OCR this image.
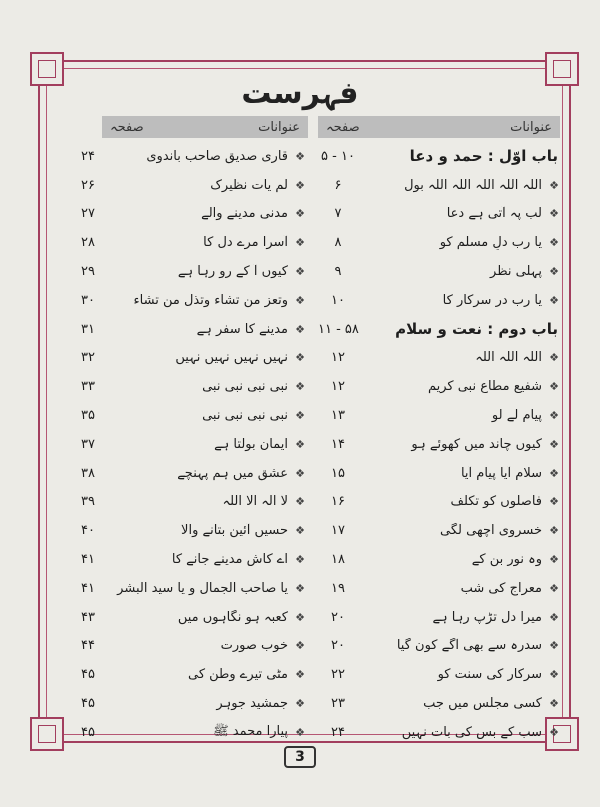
فہرست
عنوانات
صفحہ
عنوانات
صفحہ
باب اوّل : حمد و دعا
۵ - ۱۰
❖
اللہ اللہ اللہ اللہ اللہ بول
۶
❖
لب پہ آتی ہے دعا
۷
❖
یا رب دلِ مسلم کو
۸
❖
پہلی نظر
۹
❖
یا رب در سرکار کا
۱۰
باب دوم : نعت و سلام
۱۱ - ۵۸
❖
اللہ اللہ اللہ
۱۲
❖
شفیع مطاع نبی کریم
۱۲
❖
پیام لے لو
۱۳
❖
کیوں چاند میں کھوئے ہو
۱۴
❖
سلام آیا پیام آیا
۱۵
❖
فاصلوں کو تکلف
۱۶
❖
خسروی اچھی لگی
۱۷
❖
وہ نور بن کے
۱۸
❖
معراج کی شب
۱۹
❖
میرا دل تڑپ رہا ہے
۲۰
❖
سدرہ سے بھی آگے کون گیا
۲۰
❖
سرکار کی سنت کو
۲۲
❖
کسی مجلس میں جب
۲۳
❖
سب کے بس کی بات نہیں
۲۴
❖
قاری صدیق صاحب باندوی
۲۴
❖
لم یات نظیرک
۲۶
❖
مدنی مدینے والے
۲۷
❖
آسرا مرے دل کا
۲۸
❖
کیوں آ کے رو رہا ہے
۲۹
❖
وتعز من تشاء وتذل من تشاء
۳۰
❖
مدینے کا سفر ہے
۳۱
❖
نہیں نہیں نہیں نہیں
۳۲
❖
نبی نبی نبی نبی
۳۳
❖
نبی نبی نبی نبی
۳۵
❖
ایمان بولتا ہے
۳۷
❖
عشق میں ہم پہنچے
۳۸
❖
لا الہ الا اللہ
۳۹
❖
حسیں آئین بتانے والا
۴۰
❖
اے کاش مدینے جانے کا
۴۱
❖
یا صاحب الجمال و یا سید البشر
۴۱
❖
کعبہ ہو نگاہوں میں
۴۳
❖
خوب صورت
۴۴
❖
مٹی تیرے وطن کی
۴۵
❖
جمشید جوہر
۴۵
❖
پیارا محمد ﷺ
۴۵
3
